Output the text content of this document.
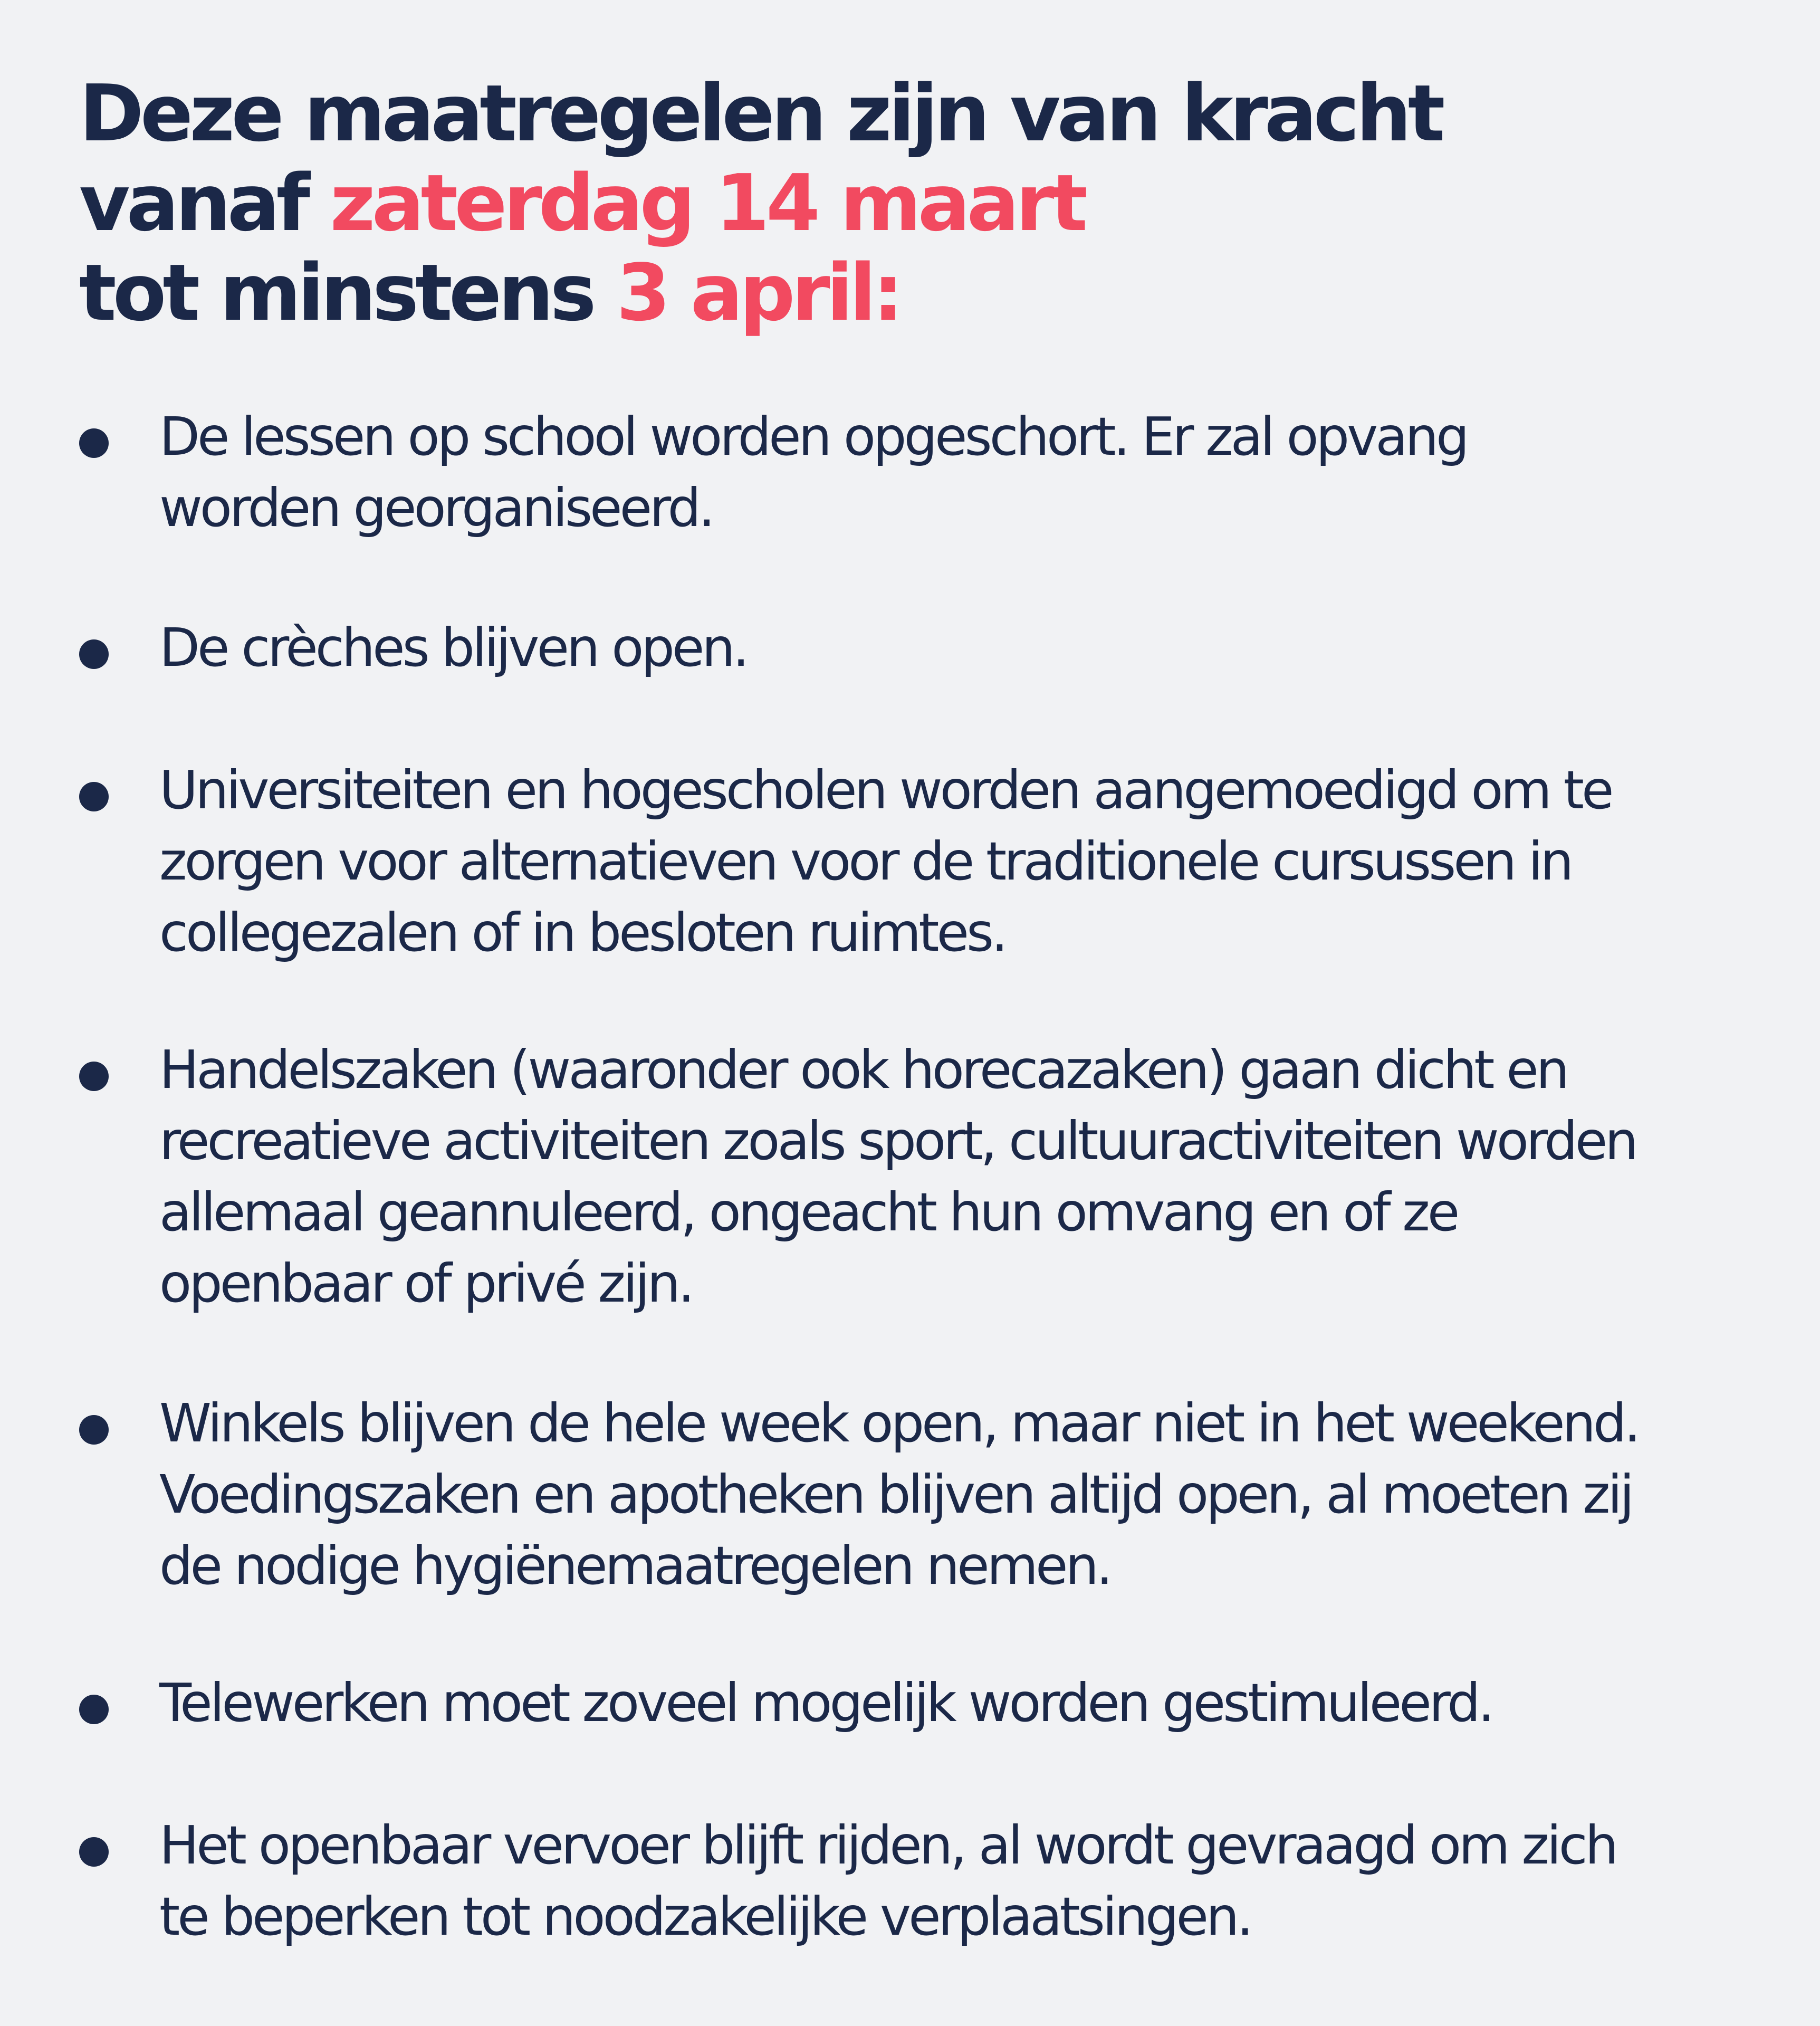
Deze maatregelen zijn van kracht
vanaf zaterdag 14 maart
tot minstens 3 april:
De lessen op school worden opgeschort. Er zal opvang
worden georganiseerd.
De crèches blijven open.
Universiteiten en hogescholen worden aangemoedigd om te
zorgen voor alternatieven voor de traditionele cursussen in
collegezalen of in besloten ruimtes.
Handelszaken (waaronder ook horecazaken) gaan dicht en
recreatieve activiteiten zoals sport, cultuuractiviteiten worden
allemaal geannuleerd, ongeacht hun omvang en of ze
openbaar of privé zijn.
Winkels blijven de hele week open, maar niet in het weekend.
Voedingszaken en apotheken blijven altijd open, al moeten zij
de nodige hygiënemaatregelen nemen.
Telewerken moet zoveel mogelijk worden gestimuleerd.
Het openbaar vervoer blijft rijden, al wordt gevraagd om zich
te beperken tot noodzakelijke verplaatsingen.
